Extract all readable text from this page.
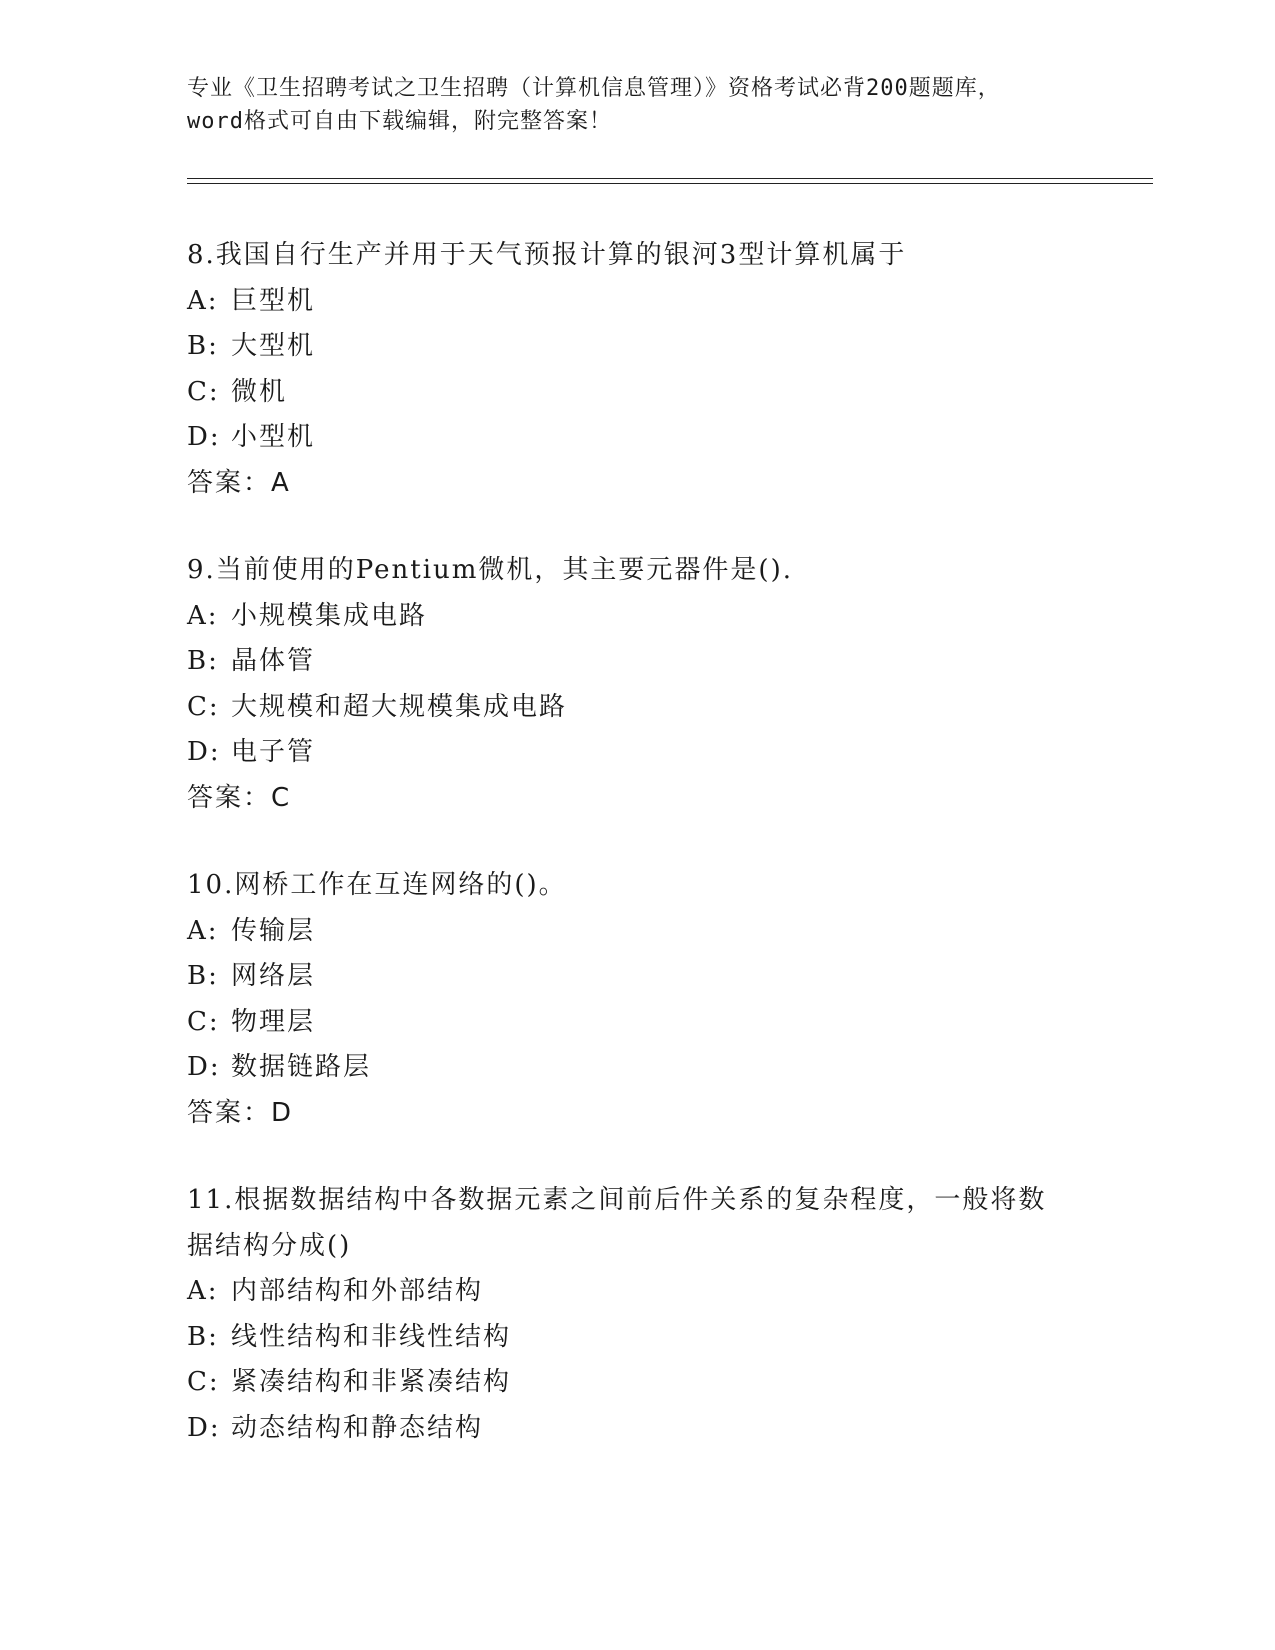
专业《卫生招聘考试之卫生招聘（计算机信息管理）》资格考试必背200题题库，
word格式可自由下载编辑，附完整答案！
8.我国自行生产并用于天气预报计算的银河3型计算机属于
A: 巨型机
B: 大型机
C: 微机
D: 小型机
答案：A
9.当前使用的Pentium微机，其主要元器件是().
A: 小规模集成电路
B: 晶体管
C: 大规模和超大规模集成电路
D: 电子管
答案：C
10.网桥工作在互连网络的()。
A: 传输层
B: 网络层
C: 物理层
D: 数据链路层
答案：D
11.根据数据结构中各数据元素之间前后件关系的复杂程度，一般将数
据结构分成()
A: 内部结构和外部结构
B: 线性结构和非线性结构
C: 紧凑结构和非紧凑结构
D: 动态结构和静态结构
